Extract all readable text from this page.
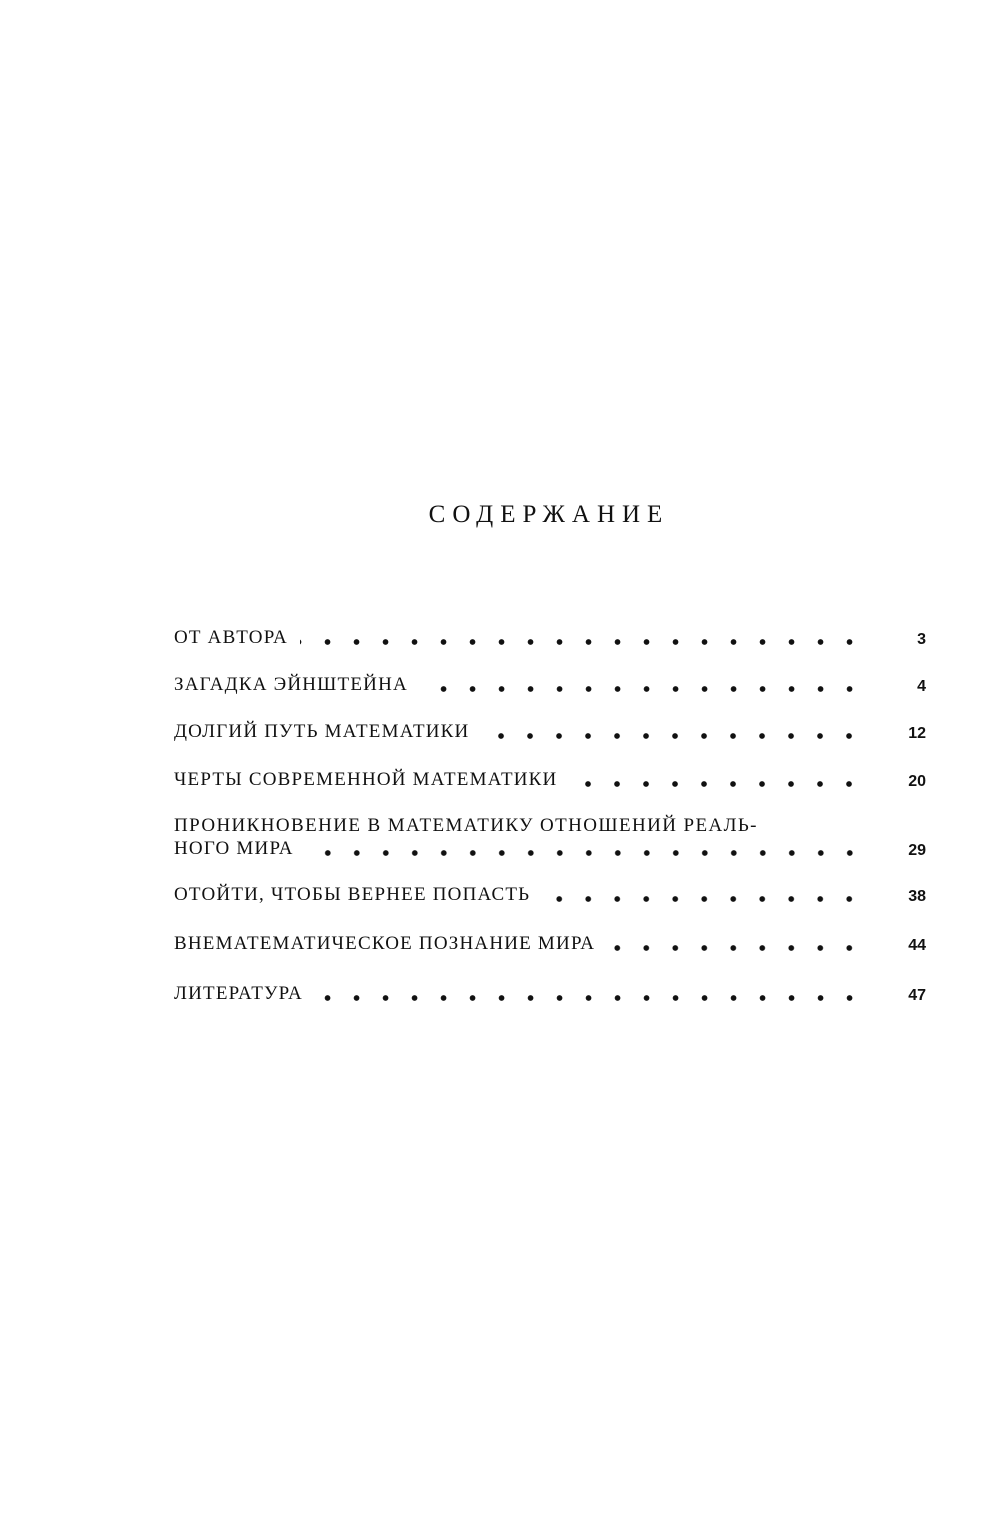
СОДЕРЖАНИЕ
ОТ АВТОРА	3
ЗАГАДКА ЭЙНШТЕЙНА	4
ДОЛГИЙ ПУТЬ МАТЕМАТИКИ	12
ЧЕРТЫ СОВРЕМЕННОЙ МАТЕМАТИКИ	20
ПРОНИКНОВЕНИЕ В МАТЕМАТИКУ ОТНОШЕНИЙ РЕАЛЬ-
НОГО МИРА	29
ОТОЙТИ, ЧТОБЫ ВЕРНЕЕ ПОПАСТЬ	38
ВНЕМАТЕМАТИЧЕСКОЕ ПОЗНАНИЕ МИРА	44
ЛИТЕРАТУРА	47
